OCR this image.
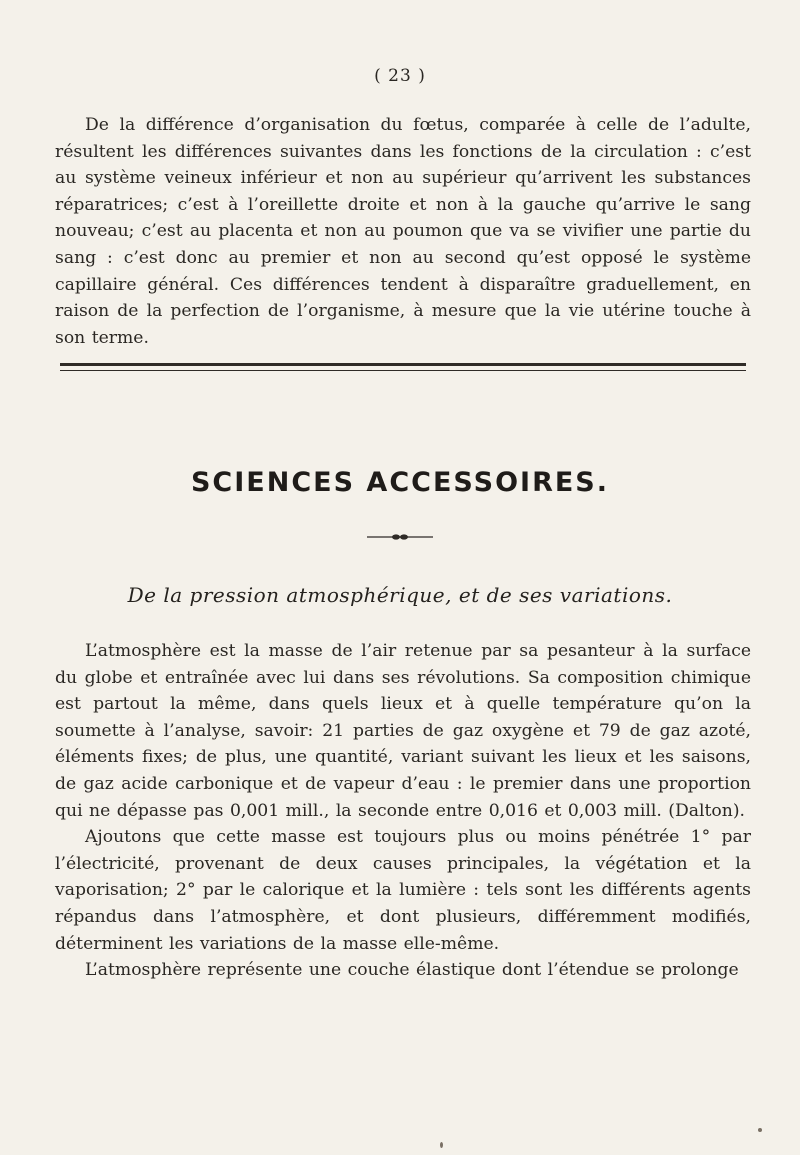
( 23 )

De la différence d’organisation du fœtus, comparée à celle de l’adulte, résultent les différences suivantes dans les fonctions de la circulation : c’est au système veineux inférieur et non au supérieur qu’arrivent les substances réparatrices; c’est à l’oreillette droite et non à la gauche qu’arrive le sang nouveau; c’est au placenta et non au poumon que va se vivifier une partie du sang : c’est donc au premier et non au second qu’est opposé le système capillaire général. Ces différences tendent à disparaître graduellement, en raison de la perfection de l’organisme, à mesure que la vie utérine touche à son terme.

SCIENCES ACCESSOIRES.
De la pression atmosphérique, et de ses variations.

L’atmosphère est la masse de l’air retenue par sa pesanteur à la surface du globe et entraînée avec lui dans ses révolutions. Sa composition chimique est partout la même, dans quels lieux et à quelle température qu’on la soumette à l’analyse, savoir: 21 parties de gaz oxygène et 79 de gaz azoté, éléments fixes; de plus, une quantité, variant suivant les lieux et les saisons, de gaz acide carbonique et de vapeur d’eau : le premier dans une proportion qui ne dépasse pas 0,001 mill., la seconde entre 0,016 et 0,003 mill. (Dalton).

Ajoutons que cette masse est toujours plus ou moins pénétrée 1° par l’électricité, provenant de deux causes principales, la végétation et la vaporisation; 2° par le calorique et la lumière : tels sont les différents agents répandus dans l’atmosphère, et dont plusieurs, différemment modifiés, déterminent les variations de la masse elle-même.

L’atmosphère représente une couche élastique dont l’étendue se prolonge
